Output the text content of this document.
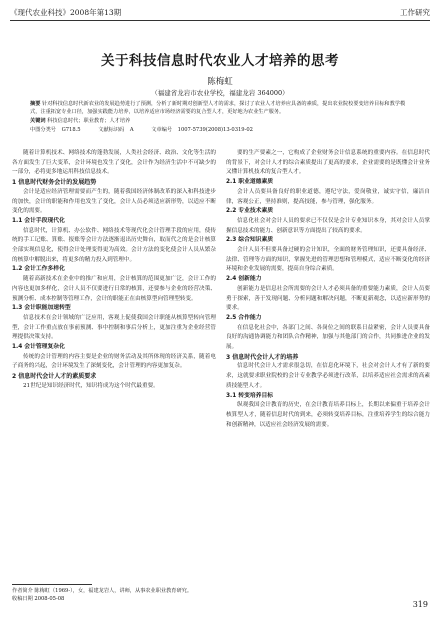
《现代农业科技》2008年第13期	工作研究
关于科技信息时代农业人才培养的思考
陈梅虹
（福建省龙岩市农业学校，福建龙岩 364000）

摘要 针对科技信息时代新农业的发展趋势进行了预测，分析了新时期对创新型人才的需求，探讨了农业人才培养应具备的素质，提出农业院校要变培养目标和教学模式，注重拓宽专业口径，加强实践能力培养，以培养适应市场经济需要的复合型人才，更好地为农业生产服务。

关键词 科技信息时代；职业教育；人才培养

中图分类号 G718.5	文献标识码 A	文章编号 1007-5739(2008)13-0319-02

随着计算机技术、网络技术的蓬勃发展，人类社会经济、政治、文化等生活的各方面发生了巨大变革，会计环境也发生了变化，会计作为经济生活中不可缺少的一部分，必将更多地运用科技信息技术。

1 信息时代财务会计的发展趋势

会计是适应经济管理需要而产生的，随着我国经济体制改革的深入和科技进步的加快，会计的职能和作用也发生了变化，会计人员必须适应新形势，以适应不断变化的需要。

1.1 会计手段现代化

信息时代，计算机、办公软件、网络技术等现代化会计管理手段的应用，使传统的手工记账、算账、报账等会计方法逐渐退出历史舞台，取而代之的是会计核算全部实现信息化，使得会计处理变得更为高效。会计方法的变化使会计人员从繁杂的核算中解脱出来，将更多的精力投入到管理中。

1.2 会计工作多样化

随着高新技术在企业中的推广和应用，会计核算的范围更加广泛，会计工作的内容也更加多样化，会计人员不仅要进行日常的核算，还要参与企业的经营决策、预测分析、成本控制等管理工作，会计的职能正在由核算型向管理型转变。

1.3 会计职能加速转型

信息技术在会计领域的广泛应用，客观上促使我国会计职能从核算型转向管理型，会计工作重点放在事前预测、事中控制和事后分析上，更加注重为企业经营管理提供决策支持。

1.4 会计管理复杂化

传统的会计管理的内容主要是企业的财务活动及其所体现的经济关系，随着电子商务的兴起，会计环境发生了深刻变化，会计管理的内容更加复杂。

2 信息时代会计人才的素质要求

21世纪是知识经济时代，知识将成为这个时代最重要。

要的生产要素之一，它构成了企业财务会计信息系统的重要内容。在信息时代的背景下，对会计人才的综合素质提出了更高的要求，企业需要的是既懂会计业务又懂计算机技术的复合型人才。

2.1 职业道德素质

会计人员要具备良好的职业道德，遵纪守法，爱岗敬业，诚实守信，廉洁自律，客观公正，坚持准则，提高技能，参与管理，强化服务。

2.2 专业技术素质

信息化社会对会计人员的要求已不仅仅是会计专业知识本身，其对会计人员掌握信息技术的能力、创新意识等方面提出了较高的要求。

2.3 综合知识素质

会计人员不但要具备过硬的会计知识，全面的财务管理知识，还要具备经济、法律、管理等方面的知识，掌握先进的管理思想和管理模式，适应不断变化的经济环境和企业发展的需要，提高自身综合素质。

2.4 创新能力

创新能力是信息社会所需要的会计人才必须具备的重要能力素质，会计人员要勇于探索，善于发现问题、分析问题和解决问题，不断更新观念，以适应新形势的要求。

2.5 合作能力

在信息化社会中，各部门之间、各岗位之间的联系日益紧密，会计人员要具备良好的沟通协调能力和团队合作精神，加强与其他部门的合作，共同推进企业的发展。

3 信息时代会计人才的培养

信息时代会计人才需求很急切，在信息化环境下，社会对会计人才有了新的要求，这就要求职业院校的会计专业教学必须进行改革，以培养适应社会需求的高素质技能型人才。

3.1 转变培养目标

纵观我国会计教育的历史，在会计教育培养目标上，长期以来偏重于培养会计核算型人才，随着信息时代的到来，必须转变培养目标，注重培养学生的综合能力和创新精神，以适应社会经济发展的需要。

作者简介 陈梅虹（1969-），女，福建龙岩人，讲师，从事农业职业教育研究。
收稿日期 2008-05-08
319
